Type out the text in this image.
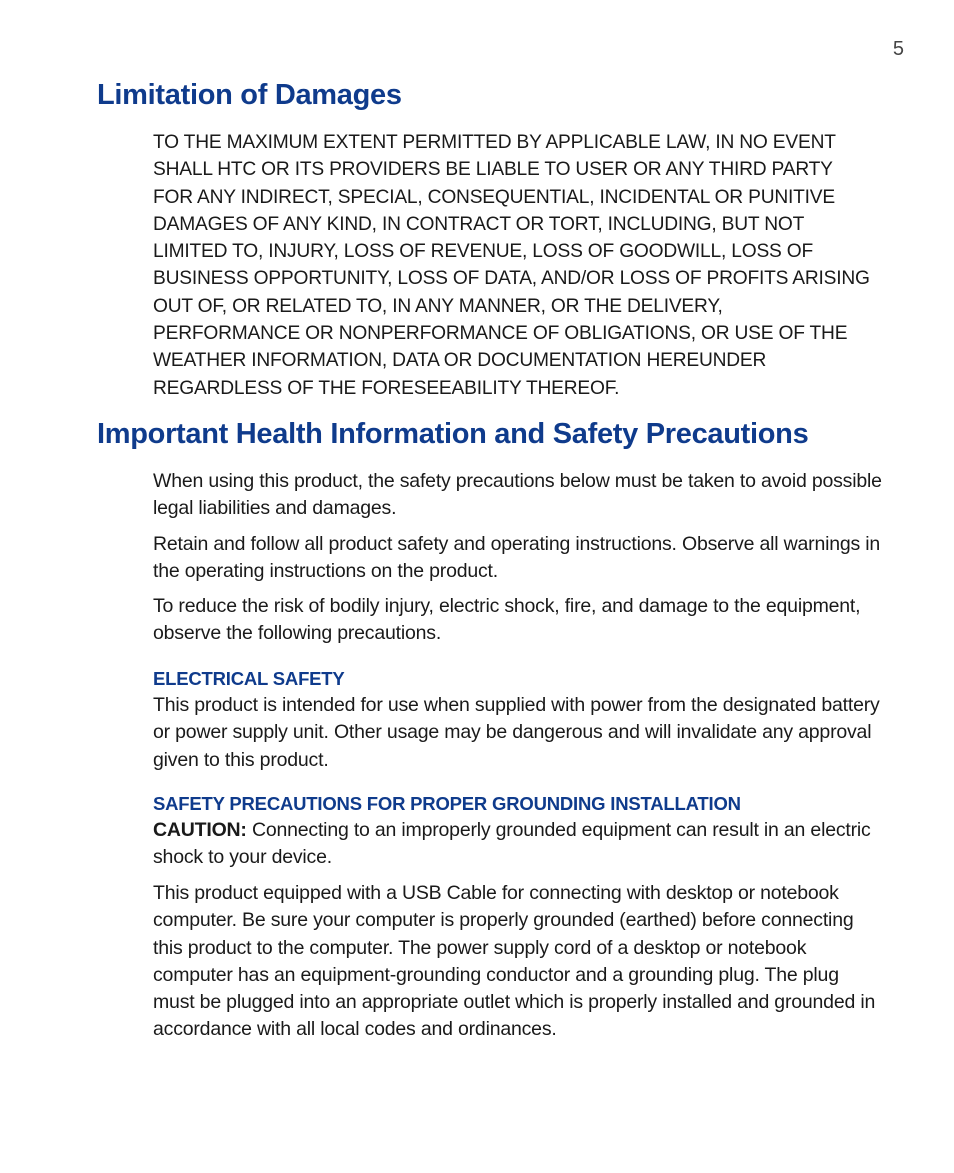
5
Limitation of Damages

TO THE MAXIMUM EXTENT PERMITTED BY APPLICABLE LAW, IN NO EVENT SHALL HTC OR ITS PROVIDERS BE LIABLE TO USER OR ANY THIRD PARTY FOR ANY INDIRECT, SPECIAL, CONSEQUENTIAL, INCIDENTAL OR PUNITIVE DAMAGES OF ANY KIND, IN CONTRACT OR TORT, INCLUDING, BUT NOT LIMITED TO, INJURY, LOSS OF REVENUE, LOSS OF GOODWILL, LOSS OF BUSINESS OPPORTUNITY, LOSS OF DATA, AND/OR LOSS OF PROFITS ARISING OUT OF, OR RELATED TO, IN ANY MANNER, OR THE DELIVERY, PERFORMANCE OR NONPERFORMANCE OF OBLIGATIONS, OR USE OF THE WEATHER INFORMATION, DATA OR DOCUMENTATION HEREUNDER REGARDLESS OF THE FORESEEABILITY THEREOF.

Important Health Information and Safety Precautions

When using this product, the safety precautions below must be taken to avoid possible legal liabilities and damages.

Retain and follow all product safety and operating instructions. Observe all warnings in the operating instructions on the product.

To reduce the risk of bodily injury, electric shock, fire, and damage to the equipment, observe the following precautions.

ELECTRICAL SAFETY

This product is intended for use when supplied with power from the designated battery or power supply unit. Other usage may be dangerous and will invalidate any approval given to this product.

SAFETY PRECAUTIONS FOR PROPER GROUNDING INSTALLATION

CAUTION: Connecting to an improperly grounded equipment can result in an electric shock to your device.

This product equipped with a USB Cable for connecting with desktop or notebook computer. Be sure your computer is properly grounded (earthed) before connecting this product to the computer. The power supply cord of a desktop or notebook computer has an equipment-grounding conductor and a grounding plug. The plug must be plugged into an appropriate outlet which is properly installed and grounded in accordance with all local codes and ordinances.
